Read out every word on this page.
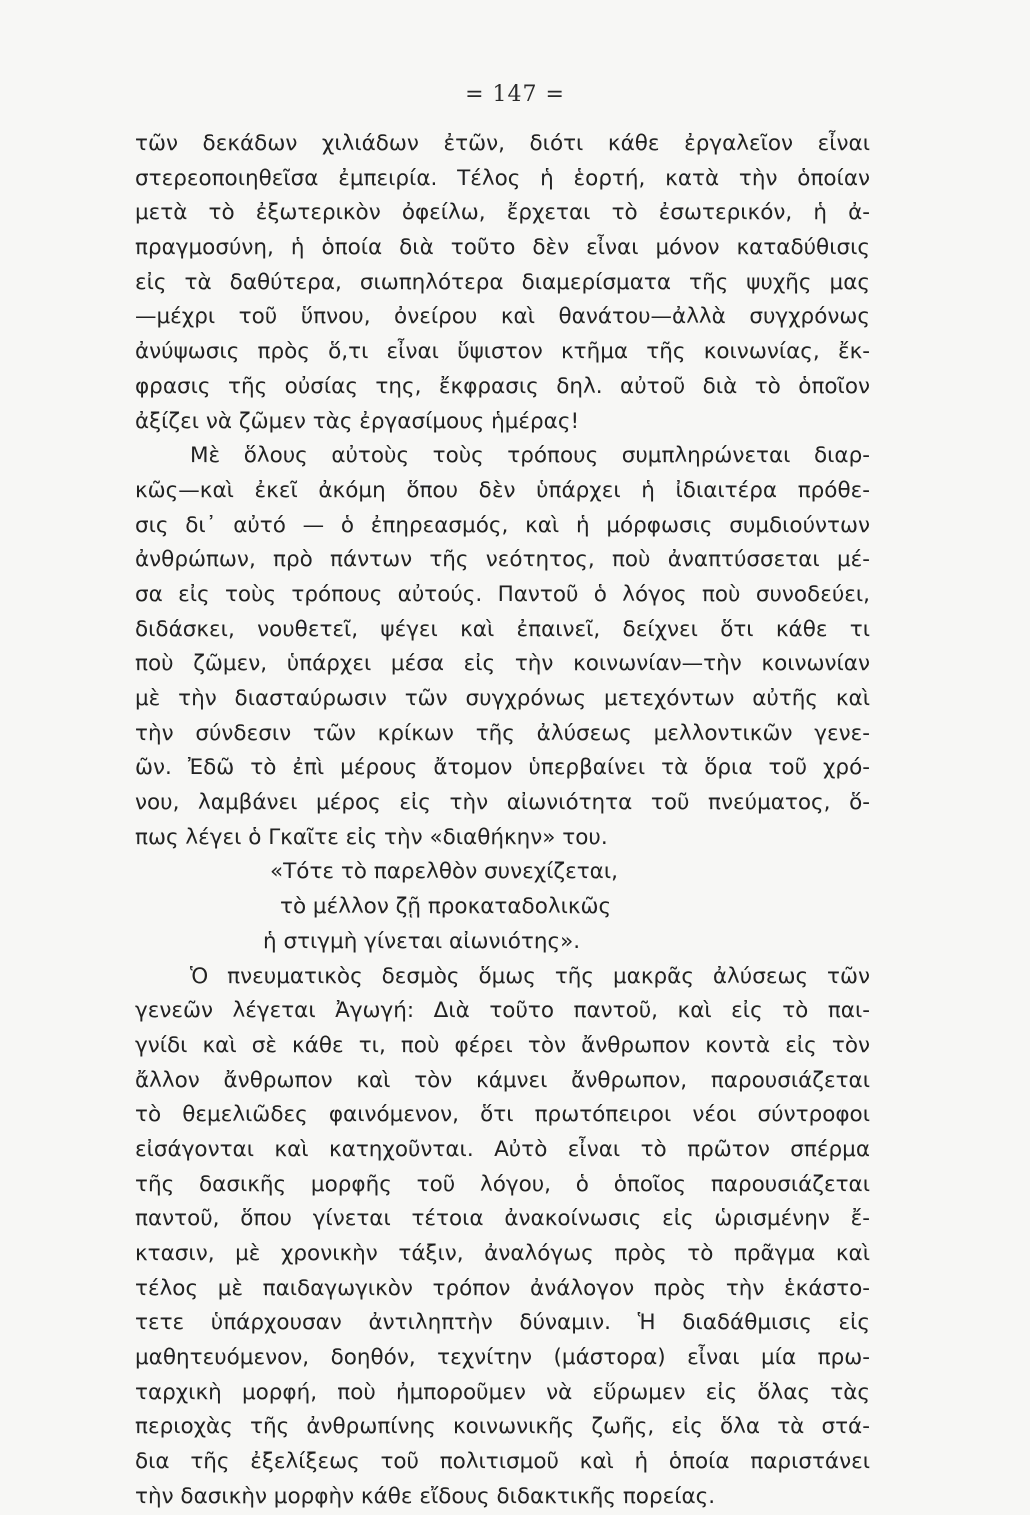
= 147 =
τῶν δεκάδων χιλιάδων ἐτῶν, διότι κάθε ἐργαλεῖον εἶναι
στερεοποιηθεῖσα ἐμπειρία. Τέλος ἡ ἑορτή, κατὰ τὴν ὁποίαν
μετὰ τὸ ἐξωτερικὸν ὀφείλω, ἔρχεται τὸ ἐσωτερικόν, ἡ ἀ-
πραγμοσύνη, ἡ ὁποία διὰ τοῦτο δὲν εἶναι μόνον καταδύθισις
εἰς τὰ δαθύτερα, σιωπηλότερα διαμερίσματα τῆς ψυχῆς μας
—μέχρι τοῦ ὕπνου, ὀνείρου καὶ θανάτου—ἀλλὰ συγχρόνως
ἀνύψωσις πρὸς ὅ,τι εἶναι ὕψιστον κτῆμα τῆς κοινωνίας, ἔκ-
φρασις τῆς οὐσίας της, ἔκφρασις δηλ. αὐτοῦ διὰ τὸ ὁποῖον
ἀξίζει νὰ ζῶμεν τὰς ἐργασίμους ἡμέρας!
Μὲ ὅλους αὐτοὺς τοὺς τρόπους συμπληρώνεται διαρ-
κῶς—καὶ ἐκεῖ ἀκόμη ὅπου δὲν ὑπάρχει ἡ ἰδιαιτέρα πρόθε-
σις δι᾽ αὐτό — ὁ ἐπηρεασμός, καὶ ἡ μόρφωσις συμδιούντων
ἀνθρώπων, πρὸ πάντων τῆς νεότητος, ποὺ ἀναπτύσσεται μέ-
σα εἰς τοὺς τρόπους αὐτούς. Παντοῦ ὁ λόγος ποὺ συνοδεύει,
διδάσκει, νουθετεῖ, ψέγει καὶ ἐπαινεῖ, δείχνει ὅτι κάθε τι
ποὺ ζῶμεν, ὑπάρχει μέσα εἰς τὴν κοινωνίαν—τὴν κοινωνίαν
μὲ τὴν διασταύρωσιν τῶν συγχρόνως μετεχόντων αὐτῆς καὶ
τὴν σύνδεσιν τῶν κρίκων τῆς ἀλύσεως μελλοντικῶν γενε-
ῶν. Ἐδῶ τὸ ἐπὶ μέρους ἄτομον ὑπερβαίνει τὰ ὅρια τοῦ χρό-
νου, λαμβάνει μέρος εἰς τὴν αἰωνιότητα τοῦ πνεύματος, ὅ-
πως λέγει ὁ Γκαῖτε εἰς τὴν «διαθήκην» του.
«Τότε τὸ παρελθὸν συνεχίζεται,
τὸ μέλλον ζῇ προκαταδολικῶς
ἡ στιγμὴ γίνεται αἰωνιότης».
Ὁ πνευματικὸς δεσμὸς ὅμως τῆς μακρᾶς ἀλύσεως τῶν
γενεῶν λέγεται Ἀγωγή: Διὰ τοῦτο παντοῦ, καὶ εἰς τὸ παι-
γνίδι καὶ σὲ κάθε τι, ποὺ φέρει τὸν ἄνθρωπον κοντὰ εἰς τὸν
ἄλλον ἄνθρωπον καὶ τὸν κάμνει ἄνθρωπον, παρουσιάζεται
τὸ θεμελιῶδες φαινόμενον, ὅτι πρωτόπειροι νέοι σύντροφοι
εἰσάγονται καὶ κατηχοῦνται. Αὐτὸ εἶναι τὸ πρῶτον σπέρμα
τῆς δασικῆς μορφῆς τοῦ λόγου, ὁ ὁποῖος παρουσιάζεται
παντοῦ, ὅπου γίνεται τέτοια ἀνακοίνωσις εἰς ὡρισμένην ἔ-
κτασιν, μὲ χρονικὴν τάξιν, ἀναλόγως πρὸς τὸ πρᾶγμα καὶ
τέλος μὲ παιδαγωγικὸν τρόπον ἀνάλογον πρὸς τὴν ἑκάστο-
τετε ὑπάρχουσαν ἀντιληπτὴν δύναμιν. Ἡ διαδάθμισις εἰς
μαθητευόμενον, δοηθόν, τεχνίτην (μάστορα) εἶναι μία πρω-
ταρχικὴ μορφή, ποὺ ἠμποροῦμεν νὰ εὕρωμεν εἰς ὅλας τὰς
περιοχὰς τῆς ἀνθρωπίνης κοινωνικῆς ζωῆς, εἰς ὅλα τὰ στά-
δια τῆς ἐξελίξεως τοῦ πολιτισμοῦ καὶ ἡ ὁποία παριστάνει
τὴν δασικὴν μορφὴν κάθε εἴδους διδακτικῆς πορείας.
